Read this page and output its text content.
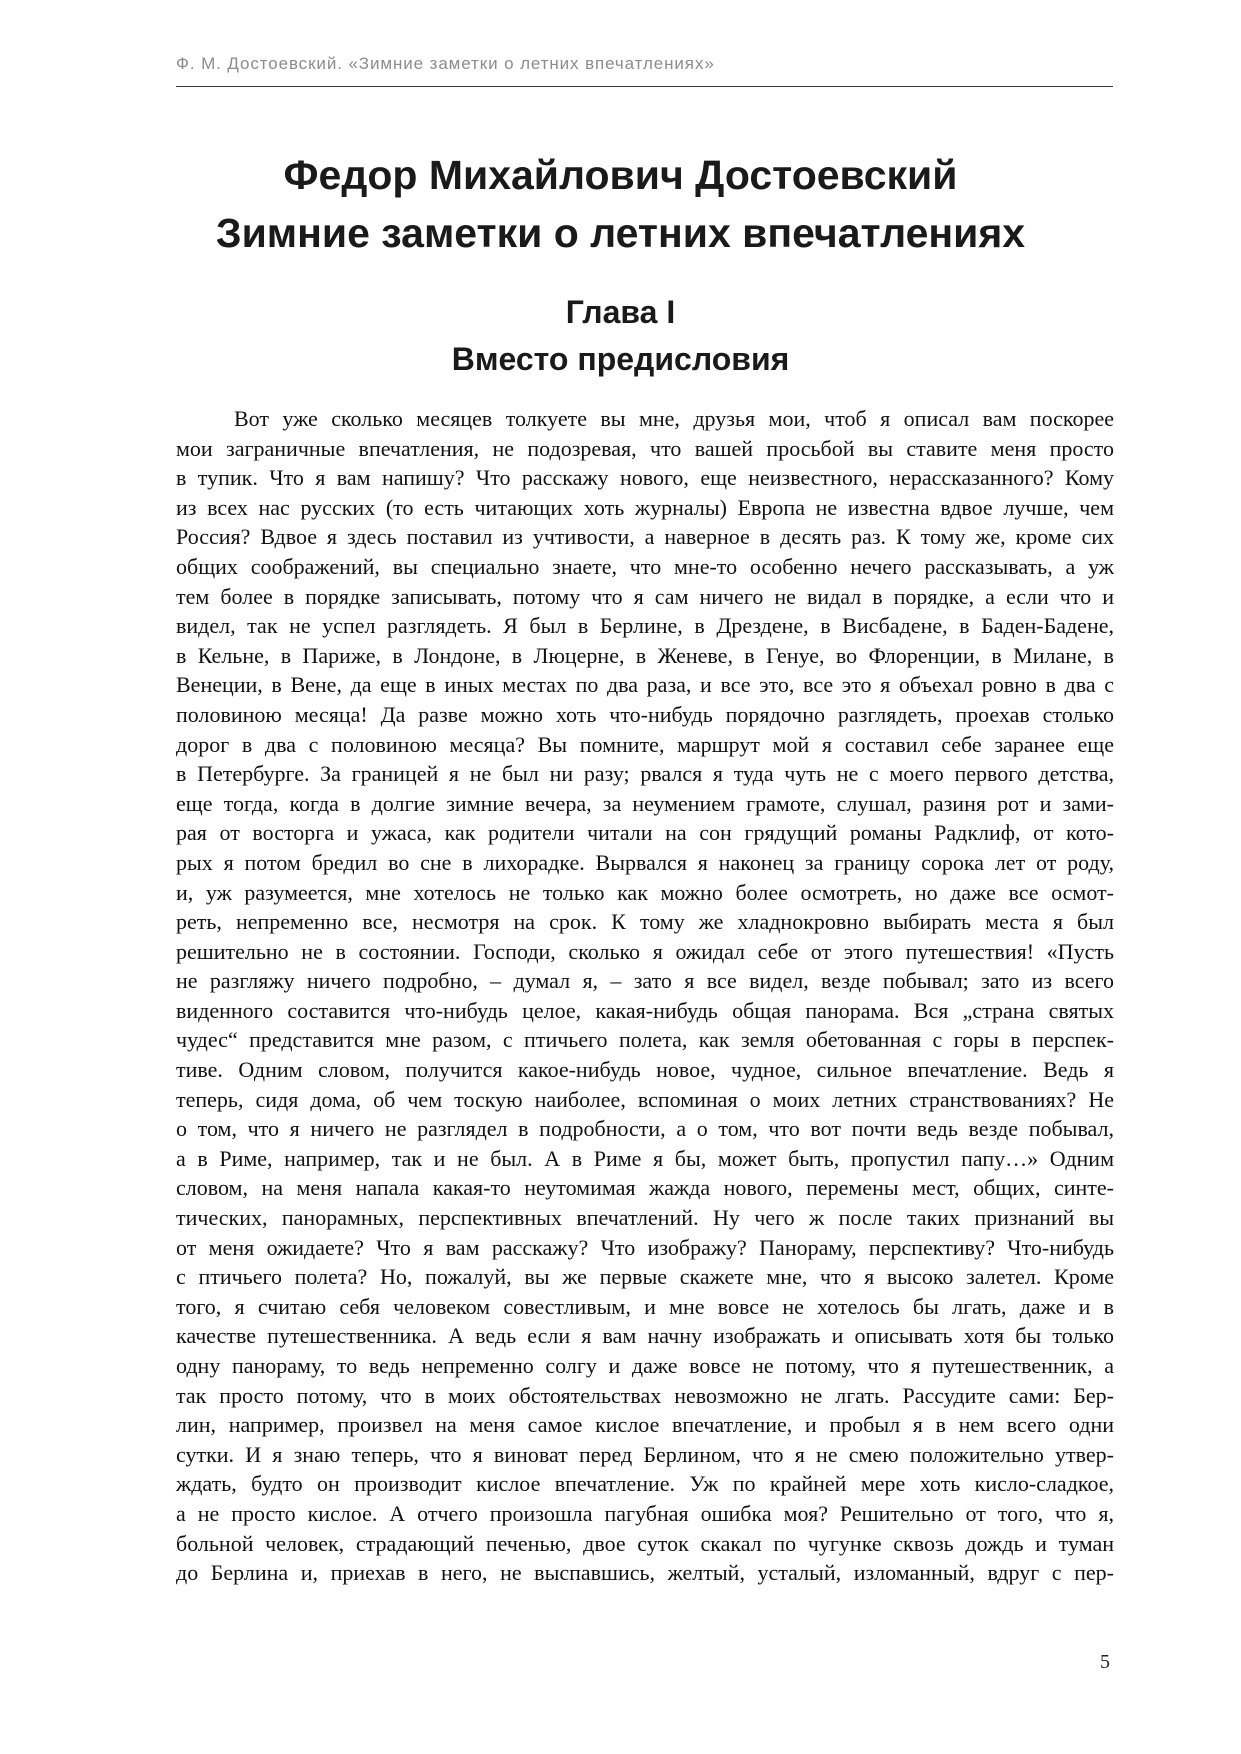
Ф. М. Достоевский. «Зимние заметки о летних впечатлениях»
Федор Михайлович Достоевский
Зимние заметки о летних впечатлениях
Глава I
Вместо предисловия
Вот уже сколько месяцев толкуете вы мне, друзья мои, чтоб я описал вам поскорее
мои заграничные впечатления, не подозревая, что вашей просьбой вы ставите меня просто
в тупик. Что я вам напишу? Что расскажу нового, еще неизвестного, нерассказанного? Кому
из всех нас русских (то есть читающих хоть журналы) Европа не известна вдвое лучше, чем
Россия? Вдвое я здесь поставил из учтивости, а наверное в десять раз. К тому же, кроме сих
общих соображений, вы специально знаете, что мне-то особенно нечего рассказывать, а уж
тем более в порядке записывать, потому что я сам ничего не видал в порядке, а если что и
видел, так не успел разглядеть. Я был в Берлине, в Дрездене, в Висбадене, в Баден-Бадене,
в Кельне, в Париже, в Лондоне, в Люцерне, в Женеве, в Генуе, во Флоренции, в Милане, в
Венеции, в Вене, да еще в иных местах по два раза, и все это, все это я объехал ровно в два с
половиною месяца! Да разве можно хоть что-нибудь порядочно разглядеть, проехав столько
дорог в два с половиною месяца? Вы помните, маршрут мой я составил себе заранее еще
в Петербурге. За границей я не был ни разу; рвался я туда чуть не с моего первого детства,
еще тогда, когда в долгие зимние вечера, за неумением грамоте, слушал, разиня рот и зами-
рая от восторга и ужаса, как родители читали на сон грядущий романы Радклиф, от кото-
рых я потом бредил во сне в лихорадке. Вырвался я наконец за границу сорока лет от роду,
и, уж разумеется, мне хотелось не только как можно более осмотреть, но даже все осмот-
реть, непременно все, несмотря на срок. К тому же хладнокровно выбирать места я был
решительно не в состоянии. Господи, сколько я ожидал себе от этого путешествия! «Пусть
не разгляжу ничего подробно, – думал я, – зато я все видел, везде побывал; зато из всего
виденного составится что-нибудь целое, какая-нибудь общая панорама. Вся „страна святых
чудес“ представится мне разом, с птичьего полета, как земля обетованная с горы в перспек-
тиве. Одним словом, получится какое-нибудь новое, чудное, сильное впечатление. Ведь я
теперь, сидя дома, об чем тоскую наиболее, вспоминая о моих летних странствованиях? Не
о том, что я ничего не разглядел в подробности, а о том, что вот почти ведь везде побывал,
а в Риме, например, так и не был. А в Риме я бы, может быть, пропустил папу…» Одним
словом, на меня напала какая-то неутомимая жажда нового, перемены мест, общих, синте-
тических, панорамных, перспективных впечатлений. Ну чего ж после таких признаний вы
от меня ожидаете? Что я вам расскажу? Что изображу? Панораму, перспективу? Что-нибудь
с птичьего полета? Но, пожалуй, вы же первые скажете мне, что я высоко залетел. Кроме
того, я считаю себя человеком совестливым, и мне вовсе не хотелось бы лгать, даже и в
качестве путешественника. А ведь если я вам начну изображать и описывать хотя бы только
одну панораму, то ведь непременно солгу и даже вовсе не потому, что я путешественник, а
так просто потому, что в моих обстоятельствах невозможно не лгать. Рассудите сами: Бер-
лин, например, произвел на меня самое кислое впечатление, и пробыл я в нем всего одни
сутки. И я знаю теперь, что я виноват перед Берлином, что я не смею положительно утвер-
ждать, будто он производит кислое впечатление. Уж по крайней мере хоть кисло-сладкое,
а не просто кислое. А отчего произошла пагубная ошибка моя? Решительно от того, что я,
больной человек, страдающий печенью, двое суток скакал по чугунке сквозь дождь и туман
до Берлина и, приехав в него, не выспавшись, желтый, усталый, изломанный, вдруг с пер-
5
